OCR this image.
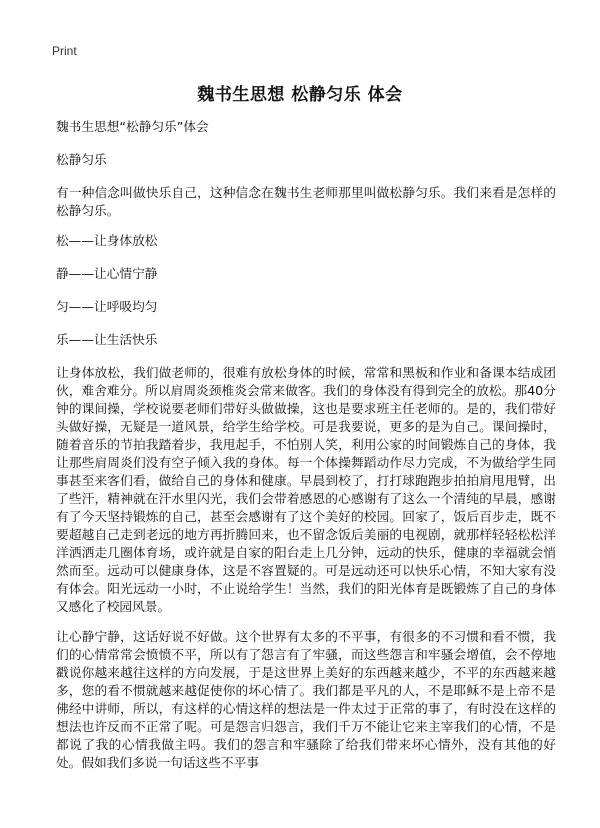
Print
魏书生思想 松静匀乐 体会

魏书生思想“松静匀乐”体会

松静匀乐

有一种信念叫做快乐自己，这种信念在魏书生老师那里叫做松静匀乐。我们来看是怎样的松静匀乐。

松——让身体放松

静——让心情宁静

匀——让呼吸均匀

乐——让生活快乐

让身体放松，我们做老师的，很难有放松身体的时候，常常和黑板和作业和备课本结成团伙，难舍难分。所以肩周炎颈椎炎会常来做客。我们的身体没有得到完全的放松。那40分钟的课间操，学校说要老师们带好头做做操，这也是要求班主任老师的。是的，我们带好头做好操，无疑是一道风景，给学生给学校。可是我要说，更多的是为自己。课间操时，随着音乐的节拍我踏着步，我甩起手，不怕别人笑，利用公家的时间锻炼自己的身体，我让那些肩周炎们没有空子倾入我的身体。每一个体操舞蹈动作尽力完成，不为做给学生同事甚至来客们看，做给自己的身体和健康。早晨到校了，打打球跑跑步拍拍肩甩甩臂，出了些汗，精神就在汗水里闪光，我们会带着感恩的心感谢有了这么一个清纯的早晨，感谢有了今天坚持锻炼的自己，甚至会感谢有了这个美好的校园。回家了，饭后百步走，既不要超越自己走到老远的地方再折腾回来，也不留念饭后美丽的电视剧，就那样轻轻松松洋洋洒洒走几圈体育场，或许就是自家的阳台走上几分钟，远动的快乐，健康的幸福就会悄然而至。远动可以健康身体，这是不容置疑的。可是远动还可以快乐心情，不知大家有没有体会。阳光远动一小时，不止说给学生！当然，我们的阳光体育是既锻炼了自己的身体又感化了校园风景。

让心静宁静，这话好说不好做。这个世界有太多的不平事，有很多的不习惯和看不惯，我们的心情常常会愤愤不平，所以有了怨言有了牢骚，而这些怨言和牢骚会增值，会不停地戳说你越来越往这样的方向发展，于是这世界上美好的东西越来越少，不平的东西越来越多，您的看不惯就越来越促使你的坏心情了。我们都是平凡的人，不是耶稣不是上帝不是佛经中讲师，所以，有这样的心情这样的想法是一件太过于正常的事了，有时没在这样的想法也许反而不正常了呢。可是怨言归怨言，我们千万不能让它来主宰我们的心情，不是都说了我的心情我做主吗。我们的怨言和牢骚除了给我们带来坏心情外，没有其他的好处。假如我们多说一句话这些不平事
